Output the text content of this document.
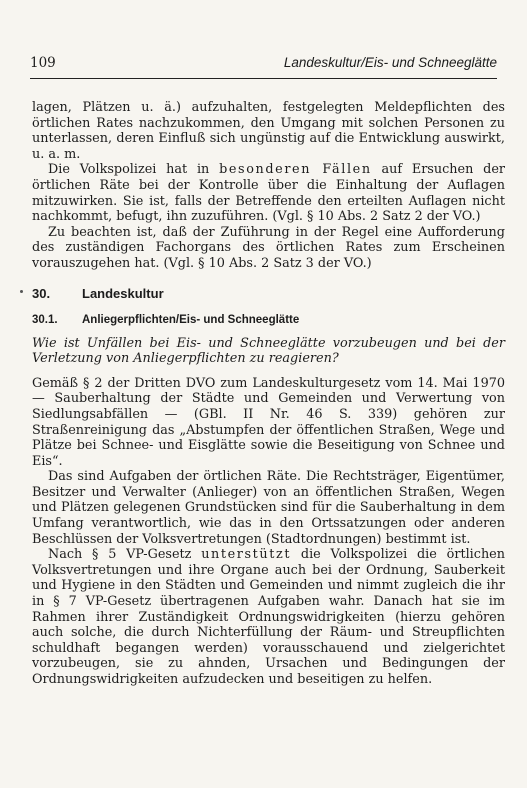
109	Landeskultur/Eis- und Schneeglätte

lagen, Plätzen u. ä.) aufzuhalten, festgelegten Meldepflichten des örtlichen Rates nachzukommen, den Umgang mit solchen Personen zu unterlassen, deren Einfluß sich ungünstig auf die Entwicklung auswirkt, u. a. m.

Die Volkspolizei hat in besonderen Fällen auf Ersuchen der örtlichen Räte bei der Kontrolle über die Einhaltung der Auflagen mitzuwirken. Sie ist, falls der Betreffende den erteilten Auflagen nicht nachkommt, befugt, ihn zuzuführen. (Vgl. § 10 Abs. 2 Satz 2 der VO.)

Zu beachten ist, daß der Zuführung in der Regel eine Aufforderung des zuständigen Fachorgans des örtlichen Rates zum Erscheinen vorauszugehen hat. (Vgl. § 10 Abs. 2 Satz 3 der VO.)

30. Landeskultur
30.1. Anliegerpflichten/Eis- und Schneeglätte

Wie ist Unfällen bei Eis- und Schneeglätte vorzubeugen und bei der Verletzung von Anliegerpflichten zu reagieren?

Gemäß § 2 der Dritten DVO zum Landeskulturgesetz vom 14. Mai 1970 — Sauberhaltung der Städte und Gemeinden und Verwertung von Siedlungsabfällen — (GBl. II Nr. 46 S. 339) gehören zur Straßenreinigung das „Abstumpfen der öffentlichen Straßen, Wege und Plätze bei Schnee- und Eisglätte sowie die Beseitigung von Schnee und Eis“.

Das sind Aufgaben der örtlichen Räte. Die Rechtsträger, Eigentümer, Besitzer und Verwalter (Anlieger) von an öffentlichen Straßen, Wegen und Plätzen gelegenen Grundstücken sind für die Sauberhaltung in dem Umfang verantwortlich, wie das in den Ortssatzungen oder anderen Beschlüssen der Volksvertretungen (Stadtordnungen) bestimmt ist.

Nach § 5 VP-Gesetz unterstützt die Volkspolizei die örtlichen Volksvertretungen und ihre Organe auch bei der Ordnung, Sauberkeit und Hygiene in den Städten und Gemeinden und nimmt zugleich die ihr in § 7 VP-Gesetz übertragenen Aufgaben wahr. Danach hat sie im Rahmen ihrer Zuständigkeit Ordnungswidrigkeiten (hierzu gehören auch solche, die durch Nichterfüllung der Räum- und Streupflichten schuldhaft begangen werden) vorausschauend und zielgerichtet vorzubeugen, sie zu ahnden, Ursachen und Bedingungen der Ordnungswidrigkeiten aufzudecken und beseitigen zu helfen.
